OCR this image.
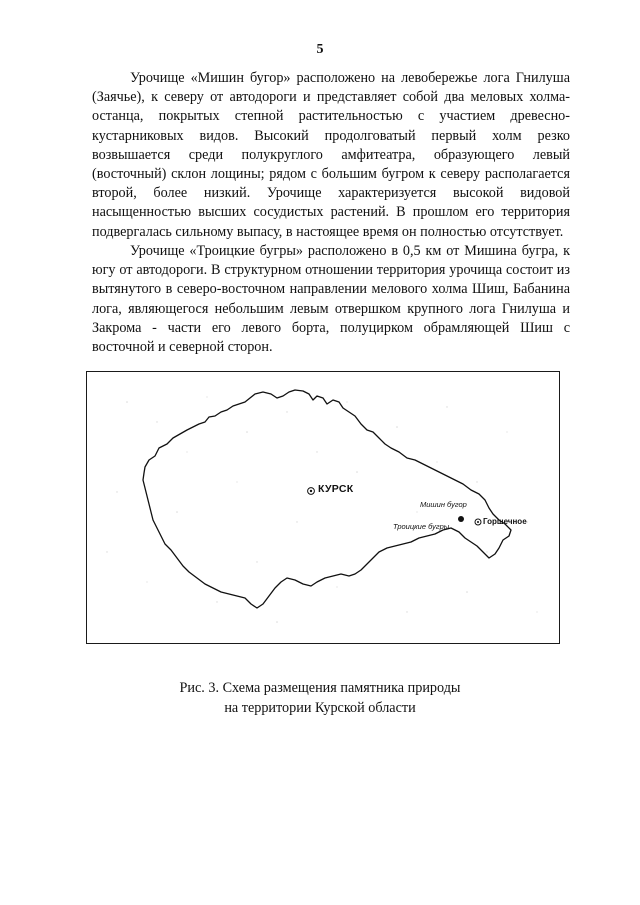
5

Урочище «Мишин бугор» расположено на левобережье лога Гнилуша (Заячье), к северу от автодороги и представляет собой два меловых холма-останца, покрытых степной растительностью с участием древесно-кустарниковых видов. Высокий продолговатый первый холм резко возвышается среди полукруглого амфитеатра, образующего левый (восточный) склон лощины; рядом с большим бугром к северу располагается второй, более низкий. Урочище характеризуется высокой видовой насыщенностью высших сосудистых растений. В прошлом его территория подвергалась сильному выпасу, в настоящее время он полностью отсутствует.

Урочище «Троицкие бугры» расположено в 0,5 км от Мишина бугра, к югу от автодороги. В структурном отношении территория урочища состоит из вытянутого в северо-восточном направлении мелового холма Шиш, Бабанина лога, являющегося небольшим левым отвершком крупного лога Гнилуша и Закрома - части его левого борта, полуцирком обрамляющей Шиш с восточной и северной сторон.

КУРСК
Мишин бугор
Троицкие бугры
Горшечное
Рис. 3. Схема размещения памятника природы
на территории Курской области
